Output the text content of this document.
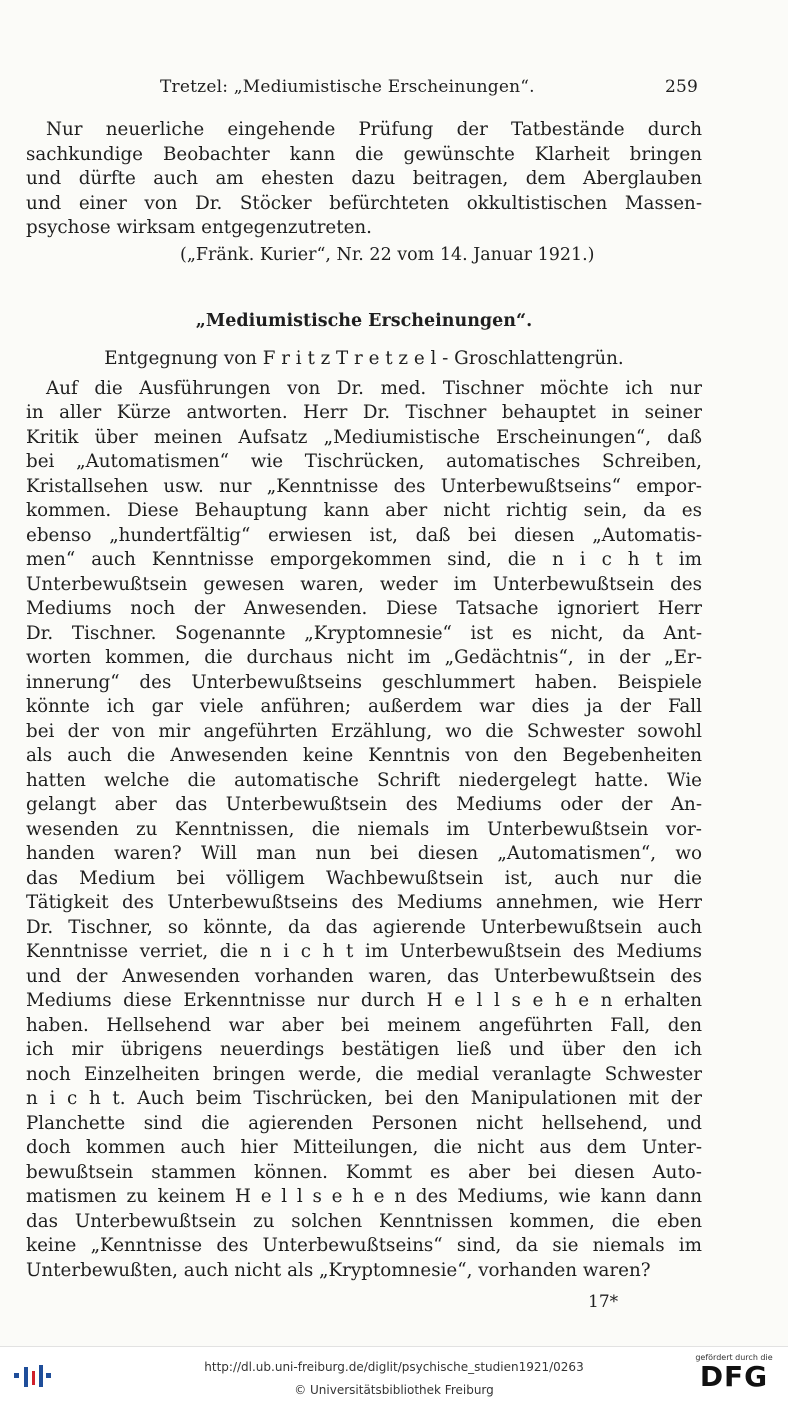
Tretzel: „Mediumistische Erscheinungen“.	259

Nur neuerliche eingehende Prüfung der Tatbestände durch

sachkundige Beobachter kann die gewünschte Klarheit bringen

und dürfte auch am ehesten dazu beitragen, dem Aberglauben

und einer von Dr. Stöcker befürchteten okkultistischen Massen-

psychose wirksam entgegenzutreten.

(„Fränk. Kurier“, Nr. 22 vom 14. Januar 1921.)

„Mediumistische Erscheinungen“.

Entgegnung von F r i t z T r e t z e l - Groschlattengrün.

Auf die Ausführungen von Dr. med. Tischner möchte ich nur

in aller Kürze antworten. Herr Dr. Tischner behauptet in seiner

Kritik über meinen Aufsatz „Mediumistische Erscheinungen“, daß

bei „Automatismen“ wie Tischrücken, automatisches Schreiben,

Kristallsehen usw. nur „Kenntnisse des Unterbewußtseins“ empor-

kommen. Diese Behauptung kann aber nicht richtig sein, da es

ebenso „hundertfältig“ erwiesen ist, daß bei diesen „Automatis-

men“ auch Kenntnisse emporgekommen sind, die n i c h t im

Unterbewußtsein gewesen waren, weder im Unterbewußtsein des

Mediums noch der Anwesenden. Diese Tatsache ignoriert Herr

Dr. Tischner. Sogenannte „Kryptomnesie“ ist es nicht, da Ant-

worten kommen, die durchaus nicht im „Gedächtnis“, in der „Er-

innerung“ des Unterbewußtseins geschlummert haben. Beispiele

könnte ich gar viele anführen; außerdem war dies ja der Fall

bei der von mir angeführten Erzählung, wo die Schwester sowohl

als auch die Anwesenden keine Kenntnis von den Begebenheiten

hatten welche die automatische Schrift niedergelegt hatte. Wie

gelangt aber das Unterbewußtsein des Mediums oder der An-

wesenden zu Kenntnissen, die niemals im Unterbewußtsein vor-

handen waren? Will man nun bei diesen „Automatismen“, wo

das Medium bei völligem Wachbewußtsein ist, auch nur die

Tätigkeit des Unterbewußtseins des Mediums annehmen, wie Herr

Dr. Tischner, so könnte, da das agierende Unterbewußtsein auch

Kenntnisse verriet, die n i c h t im Unterbewußtsein des Mediums

und der Anwesenden vorhanden waren, das Unterbewußtsein des

Mediums diese Erkenntnisse nur durch H e l l s e h e n erhalten

haben. Hellsehend war aber bei meinem angeführten Fall, den

ich mir übrigens neuerdings bestätigen ließ und über den ich

noch Einzelheiten bringen werde, die medial veranlagte Schwester

n i c h t. Auch beim Tischrücken, bei den Manipulationen mit der

Planchette sind die agierenden Personen nicht hellsehend, und

doch kommen auch hier Mitteilungen, die nicht aus dem Unter-

bewußtsein stammen können. Kommt es aber bei diesen Auto-

matismen zu keinem H e l l s e h e n des Mediums, wie kann dann

das Unterbewußtsein zu solchen Kenntnissen kommen, die eben

keine „Kenntnisse des Unterbewußtseins“ sind, da sie niemals im

Unterbewußten, auch nicht als „Kryptomnesie“, vorhanden waren?

17*
http://dl.ub.uni-freiburg.de/diglit/psychische_studien1921/0263
© Universitätsbibliothek Freiburg
gefördert durch die
DFG
